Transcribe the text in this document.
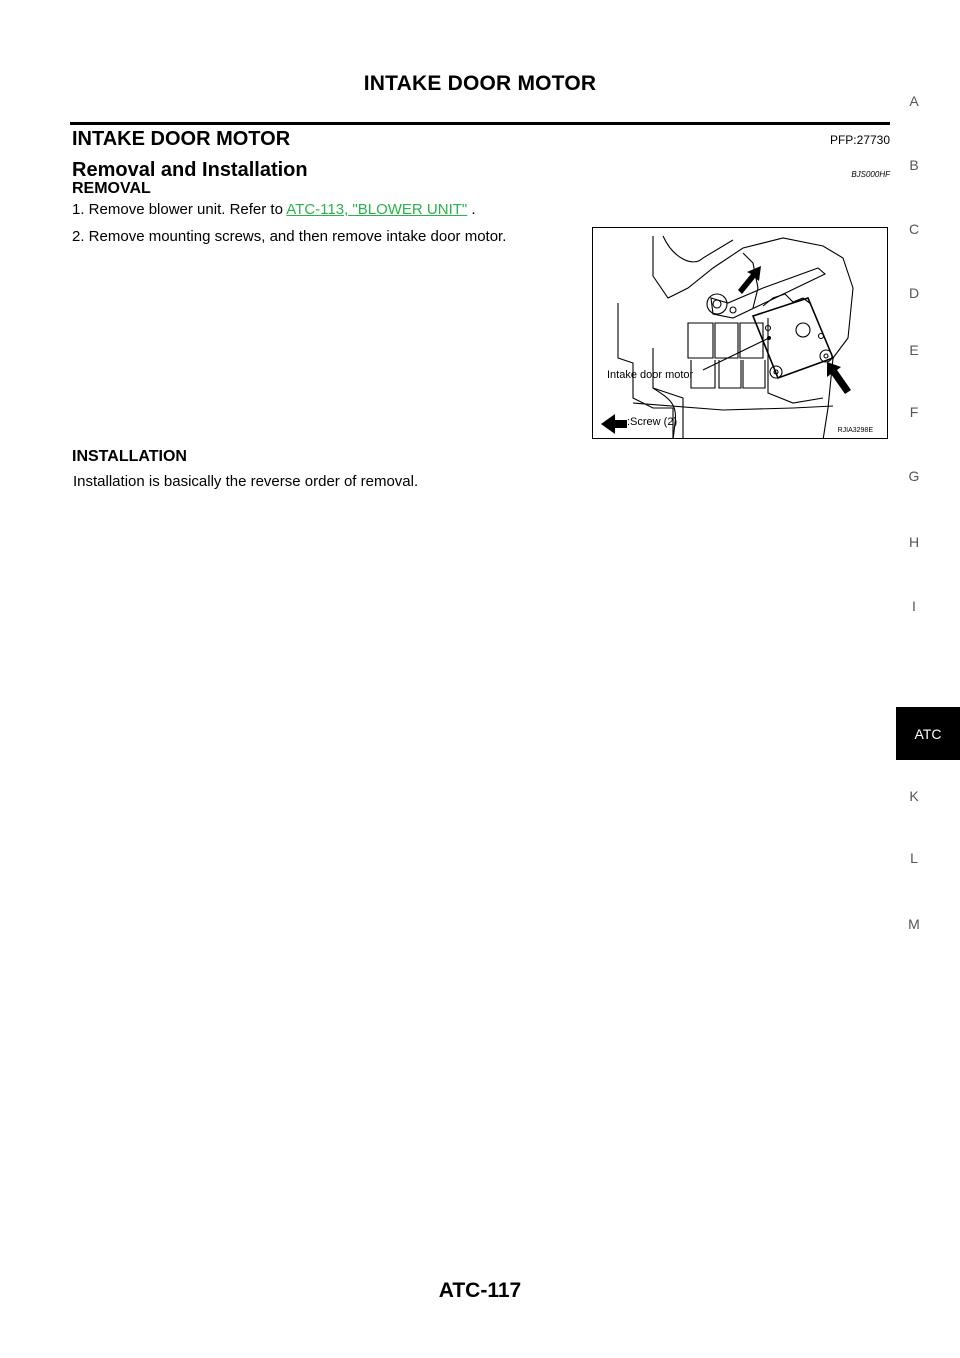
INTAKE DOOR MOTOR
INTAKE DOOR MOTOR	PFP:27730
Removal and Installation	BJS000HF
REMOVAL
1. Remove blower unit. Refer to ATC-113, "BLOWER UNIT" .
2. Remove mounting screws, and then remove intake door motor.
Intake door motor
:Screw (2)
RJIA3298E
INSTALLATION
Installation is basically the reverse order of removal.
A
B
C
D
E
F
G
H
I
ATC
K
L
M
ATC-117
